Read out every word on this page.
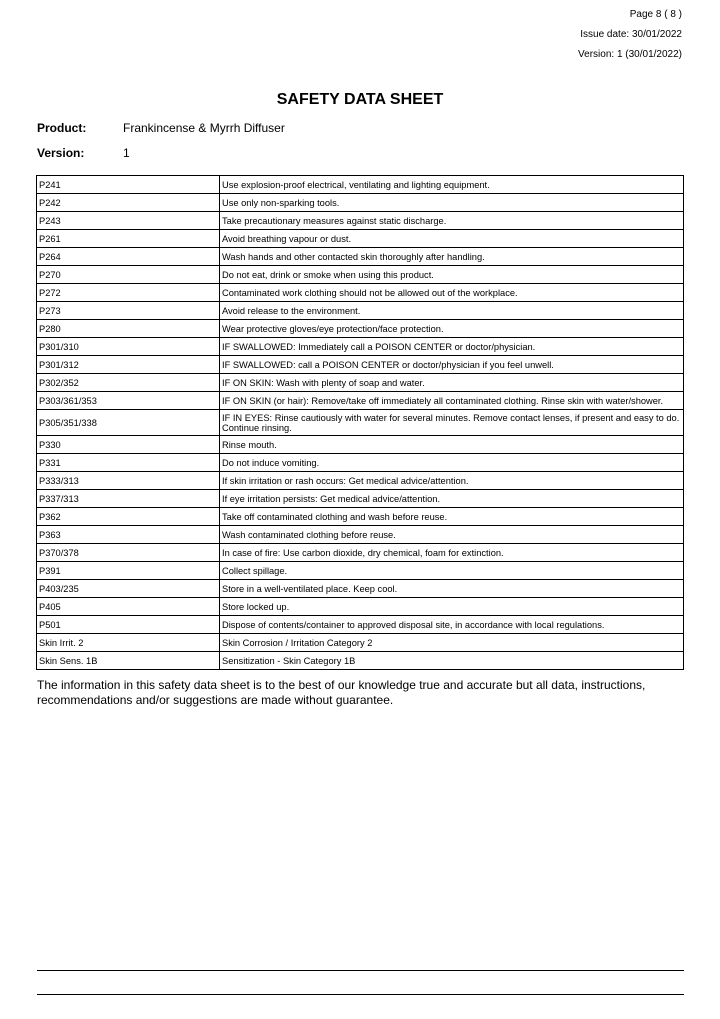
Page 8 ( 8 )
Issue date: 30/01/2022
Version: 1 (30/01/2022)
SAFETY DATA SHEET
Product:	Frankincense & Myrrh Diffuser
Version:	1
P241	Use explosion-proof electrical, ventilating and lighting equipment.
P242	Use only non-sparking tools.
P243	Take precautionary measures against static discharge.
P261	Avoid breathing vapour or dust.
P264	Wash hands and other contacted skin thoroughly after handling.
P270	Do not eat, drink or smoke when using this product.
P272	Contaminated work clothing should not be allowed out of the workplace.
P273	Avoid release to the environment.
P280	Wear protective gloves/eye protection/face protection.
P301/310	IF SWALLOWED: Immediately call a POISON CENTER or doctor/physician.
P301/312	IF SWALLOWED: call a POISON CENTER or doctor/physician if you feel unwell.
P302/352	IF ON SKIN: Wash with plenty of soap and water.
P303/361/353	IF ON SKIN (or hair): Remove/take off immediately all contaminated clothing. Rinse skin with water/shower.
P305/351/338	IF IN EYES: Rinse cautiously with water for several minutes. Remove contact lenses, if present and easy to do. Continue rinsing.
P330	Rinse mouth.
P331	Do not induce vomiting.
P333/313	If skin irritation or rash occurs: Get medical advice/attention.
P337/313	If eye irritation persists: Get medical advice/attention.
P362	Take off contaminated clothing and wash before reuse.
P363	Wash contaminated clothing before reuse.
P370/378	In case of fire: Use carbon dioxide, dry chemical, foam for extinction.
P391	Collect spillage.
P403/235	Store in a well-ventilated place. Keep cool.
P405	Store locked up.
P501	Dispose of contents/container to approved disposal site, in accordance with local regulations.
Skin Irrit. 2	Skin Corrosion / Irritation Category 2
Skin Sens. 1B	Sensitization - Skin Category 1B
The information in this safety data sheet is to the best of our knowledge true and accurate but all data, instructions, recommendations and/or suggestions are made without guarantee.
